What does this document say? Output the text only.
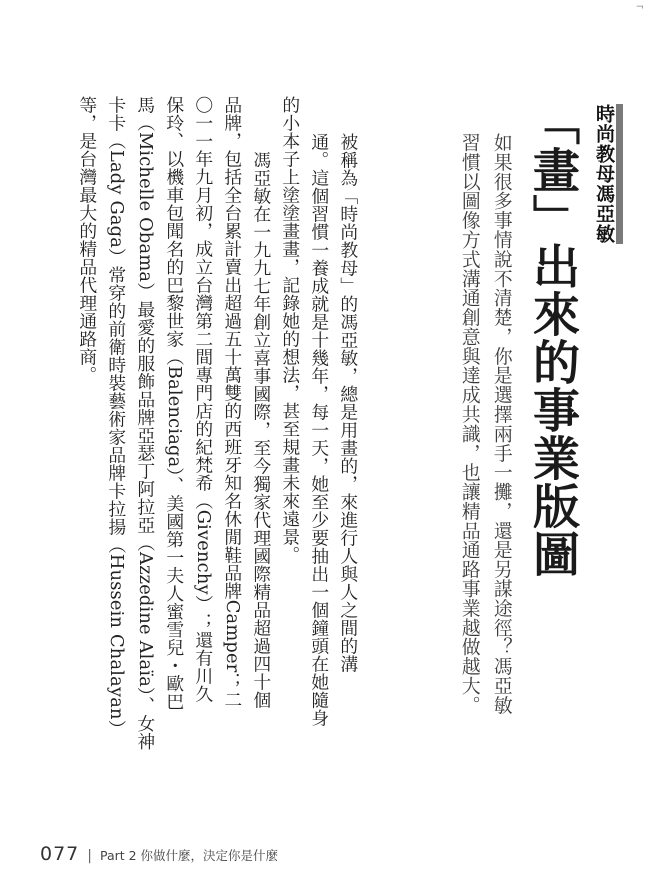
¬
時尚教母馮亞敏
「畫」出來的事業版圖
如果很多事情說不清楚，你是選擇兩手一攤，還是另謀途徑？馮亞敏
習慣以圖像方式溝通創意與達成共識，也讓精品通路事業越做越大。
被稱為「時尚教母」的馮亞敏，總是用畫的，來進行人與人之間的溝
通。這個習慣一養成就是十幾年，每一天，她至少要抽出一個鐘頭在她隨身
的小本子上塗塗畫畫，記錄她的想法，甚至規畫未來遠景。
　馮亞敏在一九九七年創立喜事國際，至今獨家代理國際精品超過四十個
品牌，包括全台累計賣出超過五十萬雙的西班牙知名休閒鞋品牌Camper；二
〇一一年九月初，成立台灣第二間專門店的紀梵希（Givenchy）；還有川久
保玲、以機車包聞名的巴黎世家（Balenciaga）、美國第一夫人蜜雪兒・歐巴
馬（Michelle Obama）最愛的服飾品牌亞瑟丁阿拉亞（Azzedine Alaïa）、女神
卡卡（Lady Gaga）常穿的前衛時裝藝術家品牌卡拉揚（Hussein Chalayan）
等，是台灣最大的精品代理通路商。
077 | Part 2 你做什麼，決定你是什麼
